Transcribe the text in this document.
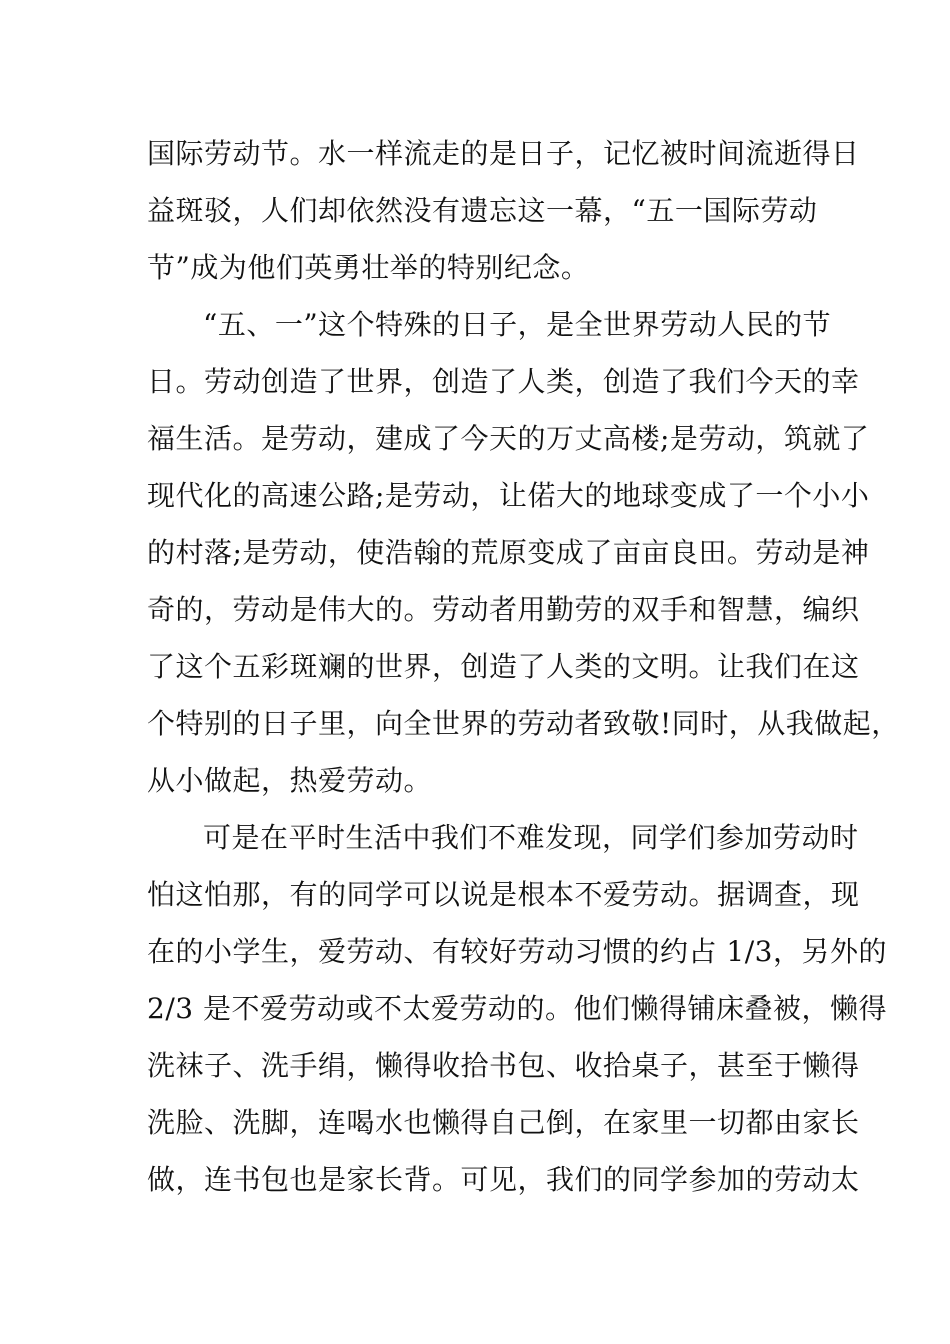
国际劳动节。水一样流走的是日子，记忆被时间流逝得日
益斑驳，人们却依然没有遗忘这一幕，“五一国际劳动
节”成为他们英勇壮举的特别纪念。
“五、一”这个特殊的日子，是全世界劳动人民的节
日。劳动创造了世界，创造了人类，创造了我们今天的幸
福生活。是劳动，建成了今天的万丈高楼;是劳动，筑就了
现代化的高速公路;是劳动，让偌大的地球变成了一个小小
的村落;是劳动，使浩翰的荒原变成了亩亩良田。劳动是神
奇的，劳动是伟大的。劳动者用勤劳的双手和智慧，编织
了这个五彩斑斓的世界，创造了人类的文明。让我们在这
个特别的日子里，向全世界的劳动者致敬!同时，从我做起，
从小做起，热爱劳动。
可是在平时生活中我们不难发现，同学们参加劳动时
怕这怕那，有的同学可以说是根本不爱劳动。据调查，现
在的小学生，爱劳动、有较好劳动习惯的约占 1/3，另外的
2/3 是不爱劳动或不太爱劳动的。他们懒得铺床叠被，懒得
洗袜子、洗手绢，懒得收拾书包、收拾桌子，甚至于懒得
洗脸、洗脚，连喝水也懒得自己倒，在家里一切都由家长
做，连书包也是家长背。可见，我们的同学参加的劳动太
